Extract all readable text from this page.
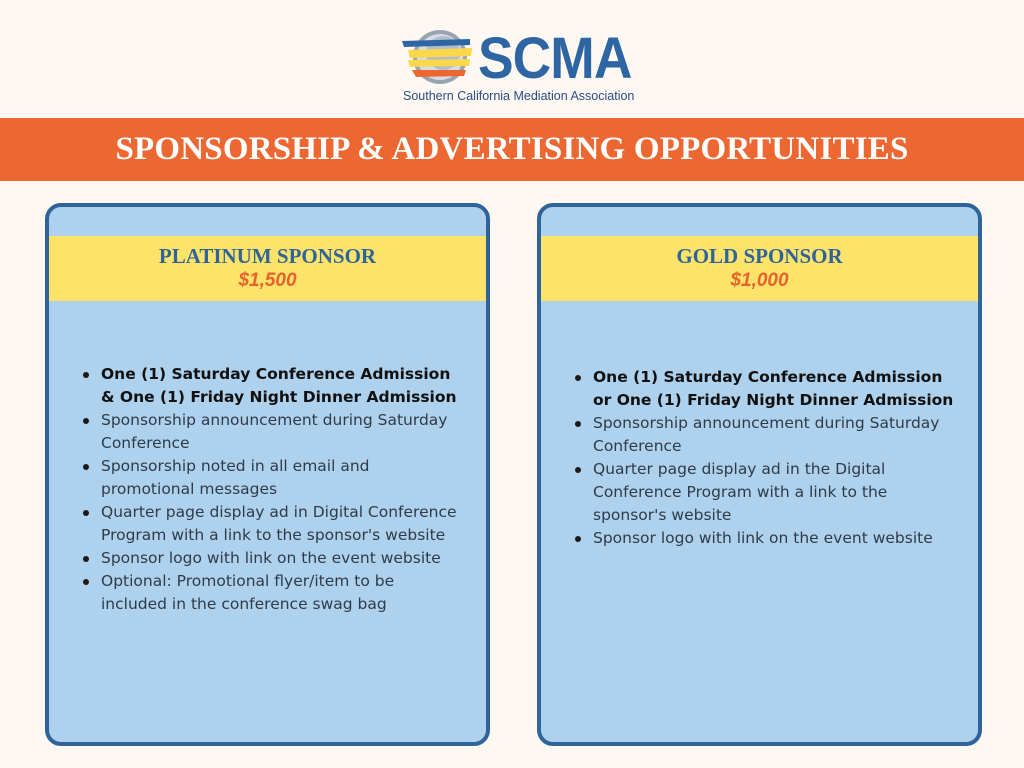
SCMA
Southern California Mediation Association
SPONSORSHIP & ADVERTISING OPPORTUNITIES
PLATINUM SPONSOR
$1,500
One (1) Saturday Conference Admission & One (1) Friday Night Dinner Admission
Sponsorship announcement during Saturday Conference
Sponsorship noted in all email and promotional messages
Quarter page display ad in Digital Conference Program with a link to the sponsor's website
Sponsor logo with link on the event website
Optional: Promotional flyer/item to be included in the conference swag bag
GOLD SPONSOR
$1,000
One (1) Saturday Conference Admission or One (1) Friday Night Dinner Admission
Sponsorship announcement during Saturday Conference
Quarter page display ad in the Digital Conference Program with a link to the sponsor's website
Sponsor logo with link on the event website
